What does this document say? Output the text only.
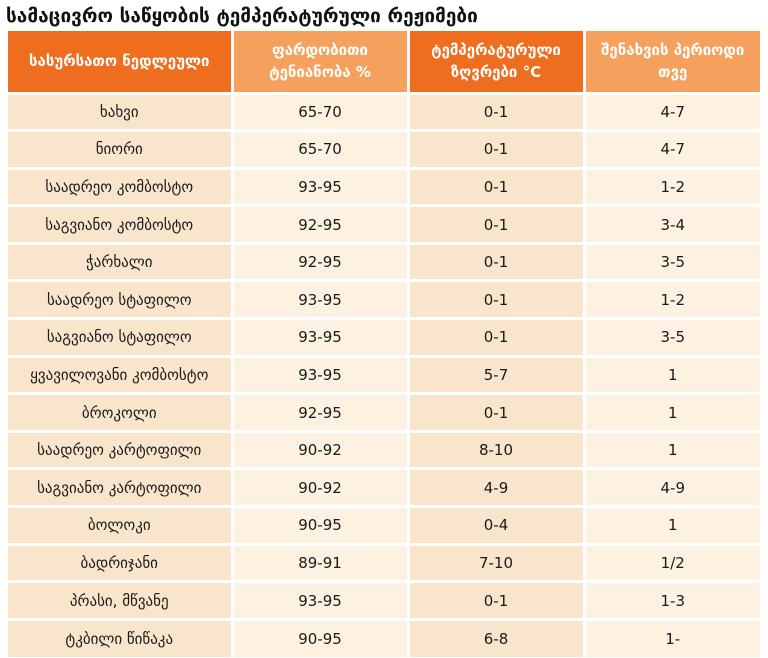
სამაცივრო საწყობის ტემპერატურული რეჟიმები
სასურსათო ნედლეული	ფარდობითი ტენიანობა %	ტემპერატურული ზღვრები °C	შენახვის პერიოდი თვე
ხახვი	65-70	0-1	4-7
ნიორი	65-70	0-1	4-7
საადრეო კომბოსტო	93-95	0-1	1-2
საგვიანო კომბოსტო	92-95	0-1	3-4
ჭარხალი	92-95	0-1	3-5
საადრეო სტაფილო	93-95	0-1	1-2
საგვიანო სტაფილო	93-95	0-1	3-5
ყვავილოვანი კომბოსტო	93-95	5-7	1
ბროკოლი	92-95	0-1	1
საადრეო კარტოფილი	90-92	8-10	1
საგვიანო კარტოფილი	90-92	4-9	4-9
ბოლოკი	90-95	0-4	1
ბადრიჯანი	89-91	7-10	1/2
პრასი, მწვანე	93-95	0-1	1-3
ტკბილი წიწაკა	90-95	6-8	1-
